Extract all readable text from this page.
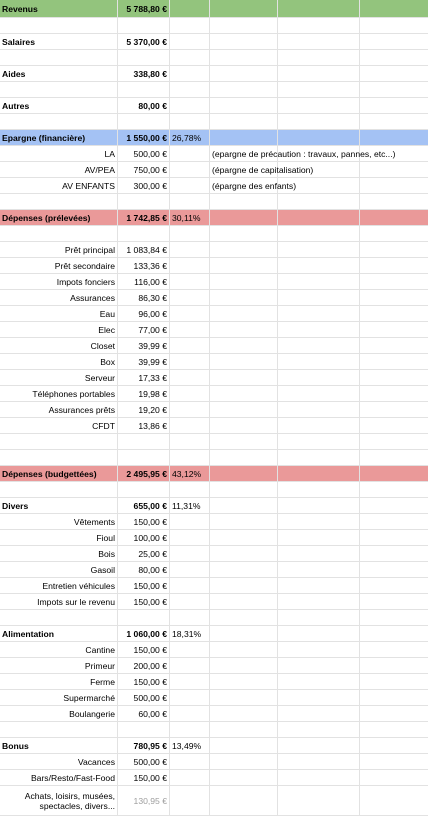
Revenus	5 788,80 €
Salaires	5 370,00 €
Aides	338,80 €
Autres	80,00 €
Epargne (financière)	1 550,00 € 26,78%
LA 500,00 €	(epargne de précaution : travaux, pannes, etc...)
AV/PEA 750,00 €	(épargne de capitalisation)
AV ENFANTS 300,00 €	(épargne des enfants)
Dépenses (prélevées)	1 742,85 € 30,11%
Prêt principal 1 083,84 €
Prêt secondaire 133,36 €
Impots fonciers 116,00 €
Assurances	86,30 €
Eau	96,00 €
Elec	77,00 €
Closet	39,99 €
Box	39,99 €
Serveur	17,33 €
Téléphones portables	19,98 €
Assurances prêts	19,20 €
CFDT	13,86 €
Dépenses (budgettées)	2 495,95 € 43,12%
Divers	655,00 € 11,31%
Vêtements 150,00 €
Fioul 100,00 €
Bois	25,00 €
Gasoil	80,00 €
Entretien véhicules 150,00 €
Impots sur le revenu 150,00 €
Alimentation	1 060,00 € 18,31%
Cantine 150,00 €
Primeur 200,00 €
Ferme 150,00 €
Supermarché 500,00 €
Boulangerie	60,00 €
Bonus	780,95 € 13,49%
Vacances 500,00 €
Bars/Resto/Fast-Food 150,00 €
Achats, loisirs, musées, spectacles, divers... 130,95 €
